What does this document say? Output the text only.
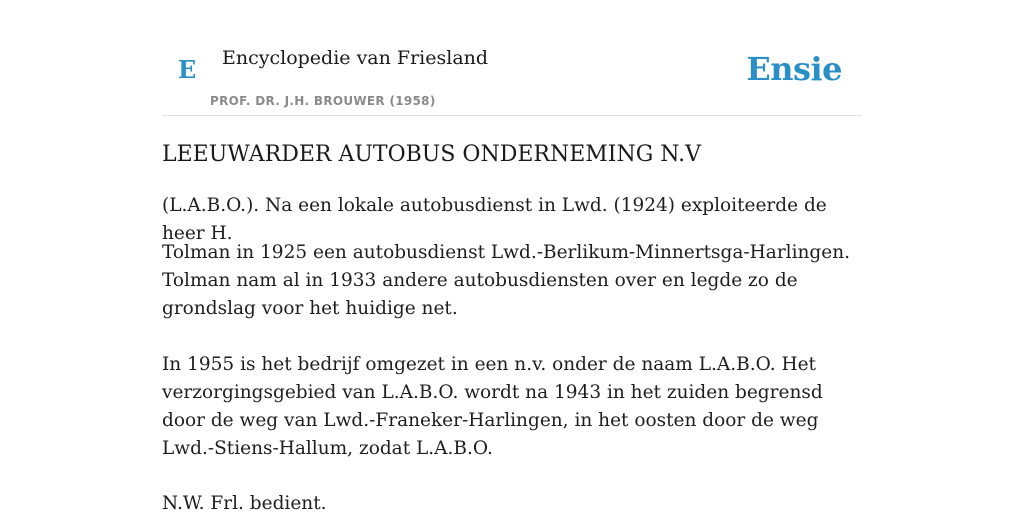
E Encyclopedie van Friesland
PROF. DR. J.H. BROUWER (1958)
Ensie
LEEUWARDER AUTOBUS ONDERNEMING N.V

(L.A.B.O.). Na een lokale autobusdienst in Lwd. (1924) exploiteerde de heer H.

Tolman in 1925 een autobusdienst Lwd.-Berlikum-Minnertsga-Harlingen. Tolman nam al in 1933 andere autobusdiensten over en legde zo de grondslag voor het huidige net.

In 1955 is het bedrijf omgezet in een n.v. onder de naam L.A.B.O. Het verzorgingsgebied van L.A.B.O. wordt na 1943 in het zuiden begrensd door de weg van Lwd.-Franeker-Harlingen, in het oosten door de weg Lwd.-Stiens-Hallum, zodat L.A.B.O.

N.W. Frl. bedient.
